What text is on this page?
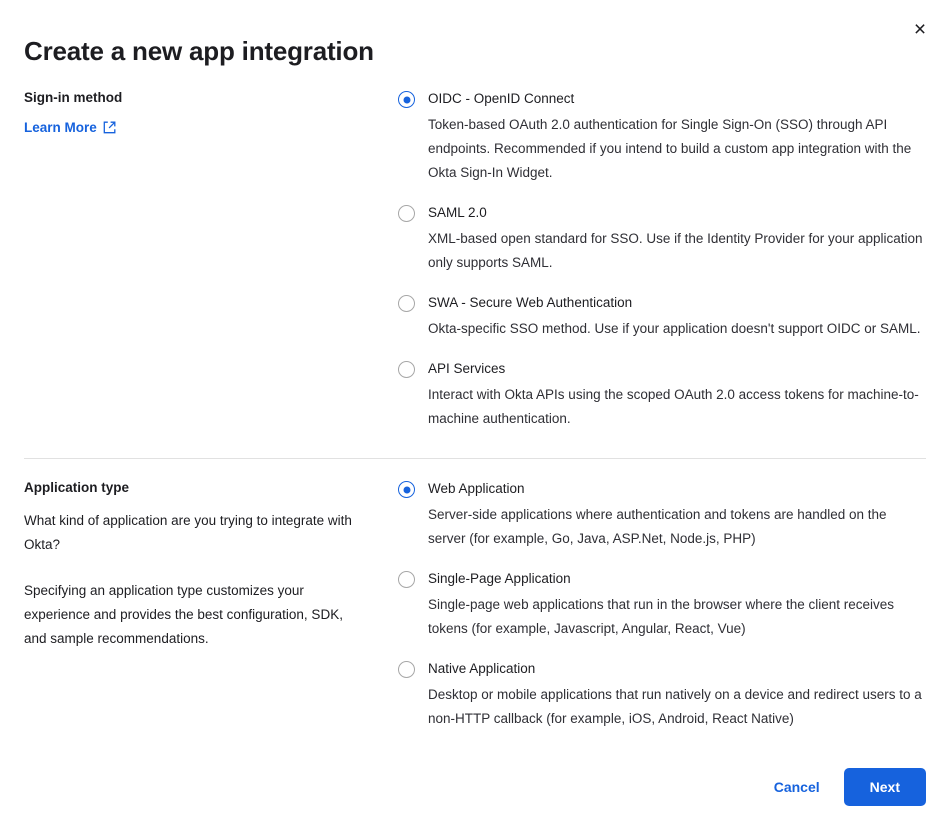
×
Create a new app integration

Sign-in method

Learn More

OIDC - OpenID Connect

Token-based OAuth 2.0 authentication for Single Sign-On (SSO) through API endpoints. Recommended if you intend to build a custom app integration with the Okta Sign-In Widget.

SAML 2.0

XML-based open standard for SSO. Use if the Identity Provider for your application only supports SAML.

SWA - Secure Web Authentication

Okta-specific SSO method. Use if your application doesn't support OIDC or SAML.

API Services

Interact with Okta APIs using the scoped OAuth 2.0 access tokens for machine-to-machine authentication.

Application type

What kind of application are you trying to integrate with Okta?

Specifying an application type customizes your experience and provides the best configuration, SDK, and sample recommendations.

Web Application

Server-side applications where authentication and tokens are handled on the server (for example, Go, Java, ASP.Net, Node.js, PHP)

Single-Page Application

Single-page web applications that run in the browser where the client receives tokens (for example, Javascript, Angular, React, Vue)

Native Application

Desktop or mobile applications that run natively on a device and redirect users to a non-HTTP callback (for example, iOS, Android, React Native)

Cancel	Next
